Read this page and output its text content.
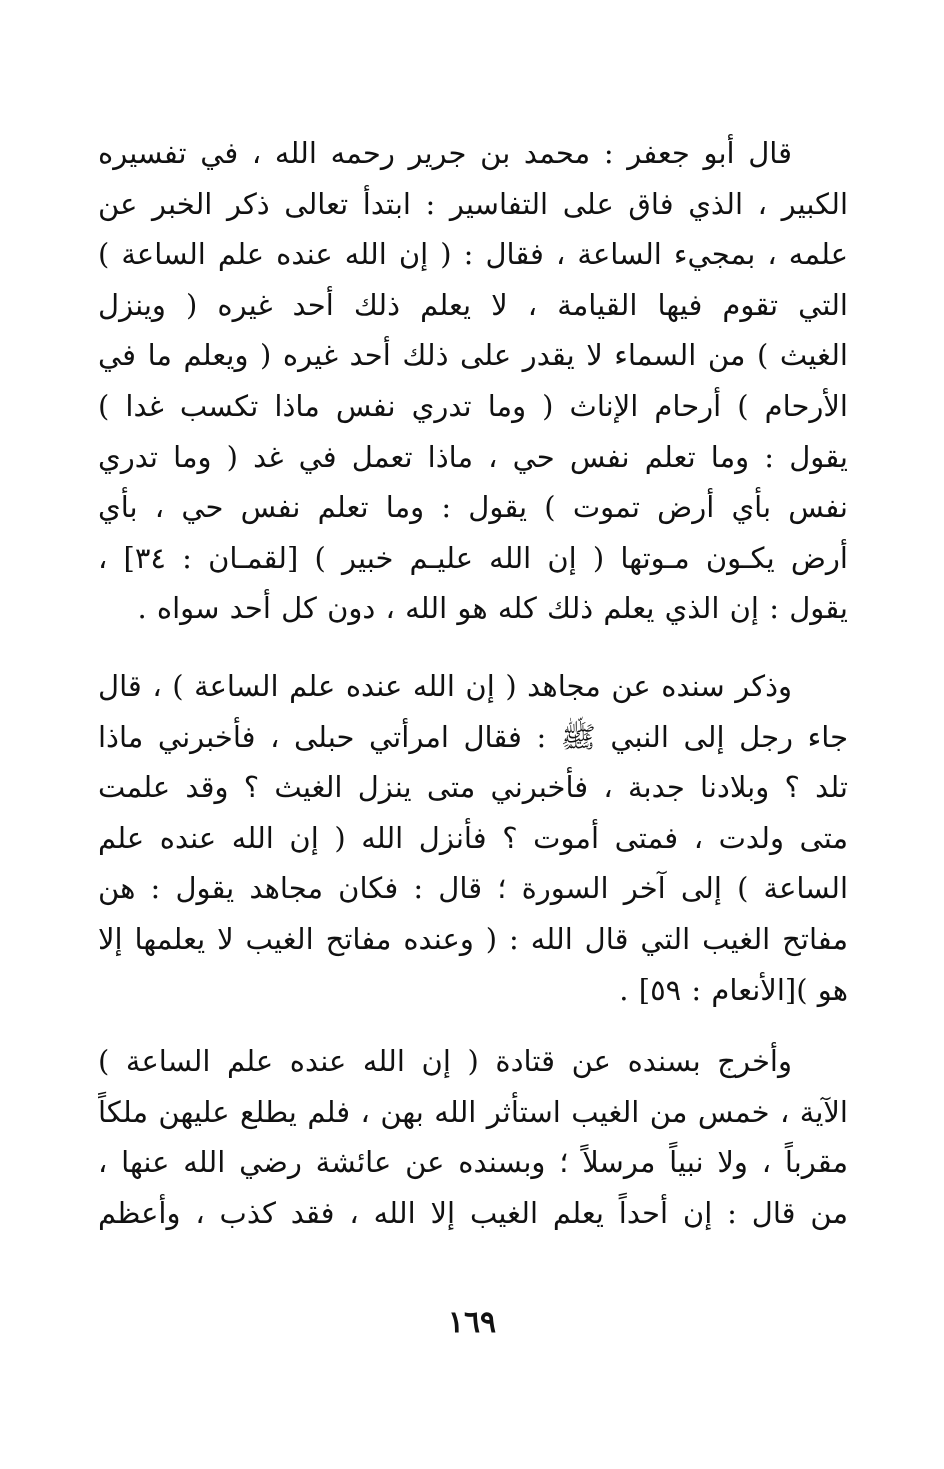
قال أبو جعفر : محمد بن جرير رحمه الله ، في تفسيره
الكبير ، الذي فاق على التفاسير : ابتدأ تعالى ذكر الخبر عن
علمه ، بمجيء الساعة ، فقال : ( إن الله عنده علم الساعة )
التي تقوم فيها القيامة ، لا يعلم ذلك أحد غيره ( وينزل
الغيث ) من السماء لا يقدر على ذلك أحد غيره ( ويعلم ما في
الأرحام ) أرحام الإناث ( وما تدري نفس ماذا تكسب غدا )
يقول : وما تعلم نفس حي ، ماذا تعمل في غد ( وما تدري
نفس بأي أرض تموت ) يقول : وما تعلم نفس حي ، بأي
أرض يكـون مـوتها ( إن الله عليـم خبير ) [لقمـان : ٣٤] ،
يقول : إن الذي يعلم ذلك كله هو الله ، دون كل أحد سواه .
وذكر سنده عن مجاهد ( إن الله عنده علم الساعة ) ، قال
جاء رجل إلى النبي ﷺ : فقال امرأتي حبلى ، فأخبرني ماذا
تلد ؟ وبلادنا جدبة ، فأخبرني متى ينزل الغيث ؟ وقد علمت
متى ولدت ، فمتى أموت ؟ فأنزل الله ( إن الله عنده علم
الساعة ) إلى آخر السورة ؛ قال : فكان مجاهد يقول : هن
مفاتح الغيب التي قال الله : ( وعنده مفاتح الغيب لا يعلمها إلا
هو )[الأنعام : ٥٩] .
وأخرج بسنده عن قتادة ( إن الله عنده علم الساعة )
الآية ، خمس من الغيب استأثر الله بهن ، فلم يطلع عليهن ملكاً
مقرباً ، ولا نبياً مرسلاً ؛ وبسنده عن عائشة رضي الله عنها ،
من قال : إن أحداً يعلم الغيب إلا الله ، فقد كذب ، وأعظم
١٦٩
